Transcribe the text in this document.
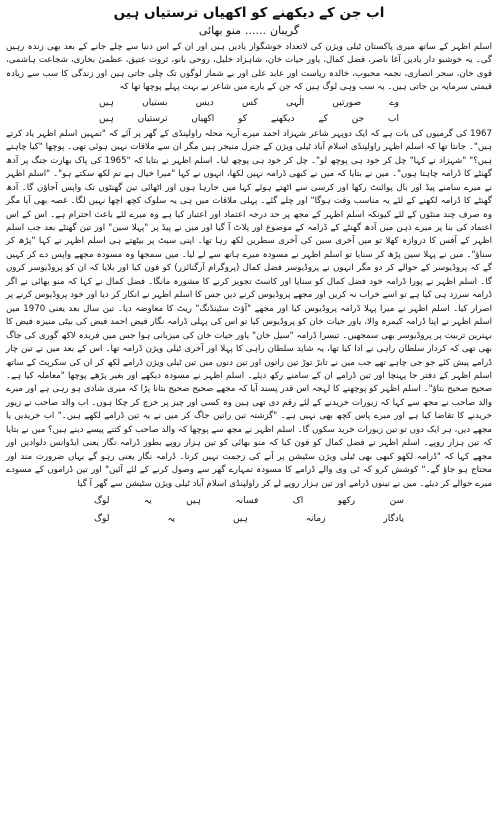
اب جن کے دیکھنے کو اکھیاں ترستیاں ہیں
گریبان......منو بھائی

اسلم اظہر کے ساتھ میری پاکستان ٹیلی ویژن کی لاتعداد خوشگوار یادیں ہیں اور ان کے اس دنیا سے چلے جانے کے بعد بھی زندہ رہیں گی۔ یہ خوشبو دار یادیں آغا ناصر، فضل کمال، یاور حیات خان، شاہزاد خلیل، روحی بانو، ثروت عتیق، عظمیٰ بخاری، شجاعت ہاشمی، قوی خان، سحر انصاری، نجمہ محبوب، خالدہ ریاست اور عابد علی اور بے شمار لوگوں تک چلی جاتی ہیں اور زندگی کا سب سے زیادہ قیمتی سرمایہ بن جاتی ہیں۔ یہ سب وہی لوگ ہیں کہ جن کے بارے میں شاعر نے بہت پہلے پوچھا تھا کہ

وے صورتیں الٰہی کس دیس بستیاں ہیں
اب جن کے دیکھنے کو اکھیاں ترستیاں ہیں

1967 کی گرمیوں کی بات ہے کہ ایک دوپہر شاعر شہزاد احمد میرے آریہ محلہ راولپنڈی کے گھر پر آئے کہ "تمہیں اسلم اظہر یاد کرتے ہیں"۔ جانتا تھا کہ اسلم اظہر راولپنڈی اسلام آباد ٹیلی ویژن کے جنرل منیجر ہیں مگر ان سے ملاقات نہیں ہوئی تھی۔ پوچھا "کیا چاہتے ہیں؟" "شہزاد نے کہا" چل کر خود ہی پوچھ لو"۔ چل کر خود ہی پوچھ لیا۔ اسلم اظہر نے بتایا کہ "1965 کی پاک بھارت جنگ پر آدھ گھنٹے کا ڈرامہ چاہتا ہوں"۔ میں نے بتایا کہ میں نے کبھی ڈرامہ نہیں لکھا، انہوں نے کہا "میرا خیال ہے تم لکھ سکتے ہو"۔ "اسلم اظہر نے میرے سامنے پیڈ اور بال پوائنٹ رکھا اور کرسی سے اٹھتے ہوئے کہا میں جارہا ہوں اور اٹھائی تین گھنٹوں تک واپس آجاؤں گا۔ آدھ گھنٹے کا ڈرامہ لکھنے کے لئے یہ مناسب وقت ہوگا" اور چلے گئے۔ پہلی ملاقات میں ہی یہ سلوک کچھ اچھا نہیں لگا۔ غصہ بھی آیا مگر وہ صرف چند منٹوں کے لئے کیونکہ اسلم اظہر کے مجھ پر حد درجہ اعتماد اور اعتبار کیا ہے وہ میرے لئے باعث احترام ہے۔ اس کے اس اعتماد کی بنا پر میرے ذہن میں آدھ گھنٹے کے ڈرامہ کے موضوع اور پلاٹ آ گیا اور میں نے پیڈ پر "پہلا سین" اور تین گھنٹے بعد جب اسلم اظہر کے آفس کا دروازہ کھلا تو میں آخری سین کی آخری سطریں لکھ رہا تھا۔ اپنی سیٹ پر بیٹھتے ہی اسلم اظہر نے کہا "پڑھ کر سناؤ"۔ میں نے پہلا سین پڑھ کر سنایا تو اسلم اظہر نے مسودہ میرے ہاتھ سے لے لیا۔ میں سمجھا وہ مسودہ مجھے واپس دے کر کہیں گے کہ پروڈیوسر کے حوالے کر دو مگر انہوں نے پروڈیوسر فضل کمال (پروگرام آرگنائزر) کو فون کیا اور بلایا کہ ان کو پروڈیوسر کروں گا۔ اسلم اظہر نے پورا ڈرامہ خود فضل کمال کو سنایا اور کاسٹ تجویز کرنے کا مشورہ مانگا۔ فضل کمال نے کہا کہ منو بھائی نے اگر ڈرامہ سرزد ہی کیا ہے تو اسے خراب نہ کریں اور مجھے پروڈیوس کرنے دیں جس کا اسلم اظہر نے انکار کر دیا اور خود پروڈیوس کرنے پر اصرار کیا۔ اسلم اظہر نے میرا پہلا ڈرامہ پروڈیوس کیا اور مجھے "آؤٹ سٹینڈنگ" ریٹ کا معاوضہ دیا۔ تین سال بعد یعنی 1970 میں اسلم اظہر نے اپنا ڈرامہ کیمرہ والا، یاور حیات خان کو پروڈیوس کیا تو اس کی پہلی ڈرامہ نگار فیض احمد فیض کی بیٹی منیزہ فیض کا بہترین تربیت پر پروڈیوسر بھی سمجھیں۔ تیسرا ڈرامہ "سیل خان" یاور حیات خان کی میزبانی ہوا جس میں فریدہ لاکھ گوری کی جاگ بھی تھی کہ کردار سلطان راہی نے ادا کیا تھا، یہ شاید سلطان راہی کا پہلا اور آخری ٹیلی ویژن ڈرامہ تھا۔ اس کے بعد میں نے تین چار ڈرامے پیش کئے جو جی چاہے تھے جب میں نے تابڑ توڑ تین راتوں اور تین دنوں میں تین ٹیلی ویژن ڈرامے لکھ کر ان کی سکرپٹ کے ساتھ اسلم اظہر کے دفتر جا پہنچا اور تین ڈرامے ان کے سامنے رکھ دیئے۔ اسلم اظہر نے مسودہ دیکھے اور بغیر پڑھے پوچھا "معاملہ کیا ہے۔ صحیح صحیح بتاؤ"۔ اسلم اظہر کو پوچھنے کا لہجہ اس قدر پسند آیا کہ مجھے صحیح صحیح بتانا پڑا کہ میری شادی ہو رہی ہے اور میرے والد صاحب نے مجھ سے کہا کہ زیورات خریدنے کے لئے رقم دی تھی ہیں وہ کسی اور چیز پر خرچ کر چکا ہوں۔ اب والد صاحب نے زیور خریدنے کا تقاضا کیا ہے اور میرے پاس کچھ بھی نہیں ہے۔ "گزشتہ تین راتیں جاگ کر میں نے یہ تین ڈرامے لکھے ہیں۔" اب خریدیں یا مجھے دیں، ہر ایک دوں تو تین زیورات خرید سکوں گا۔ اسلم اظہر نے مجھ سے پوچھا کہ والد صاحب کو کتنے پیسے دینے ہیں؟ میں نے بتایا کہ تین ہزار روپے۔ اسلم اظہر نے فضل کمال کو فون کیا کہ منو بھائی کو تین ہزار روپے بطور ڈرامہ نگار یعنی ایڈوانس دلوادیں اور مجھے کہا کہ "ڈرامہ لکھو کبھی بھی ٹیلی ویژن سٹیشن پر آنے کی زحمت نہیں کرنا۔ ڈرامہ نگار یعنی رہو گے یہاں ضرورت مند اور محتاج ہو جاؤ گے۔" کوشش کرو کہ ٹی وی والے ڈرامے کا مسودہ تمہارے گھر سے وصول کرنے کے لئے آئیں" اور تین ڈراموں کے مسودے میرے حوالے کر دیئے۔ میں نے تینوں ڈرامے اور تین ہزار روپے لے کر راولپنڈی اسلام آباد ٹیلی ویژن سٹیشن سے گھر آ گیا

سن رکھو اک فسانہ ہیں یہ لوگ
یادگار زمانہ ہیں یہ لوگ
